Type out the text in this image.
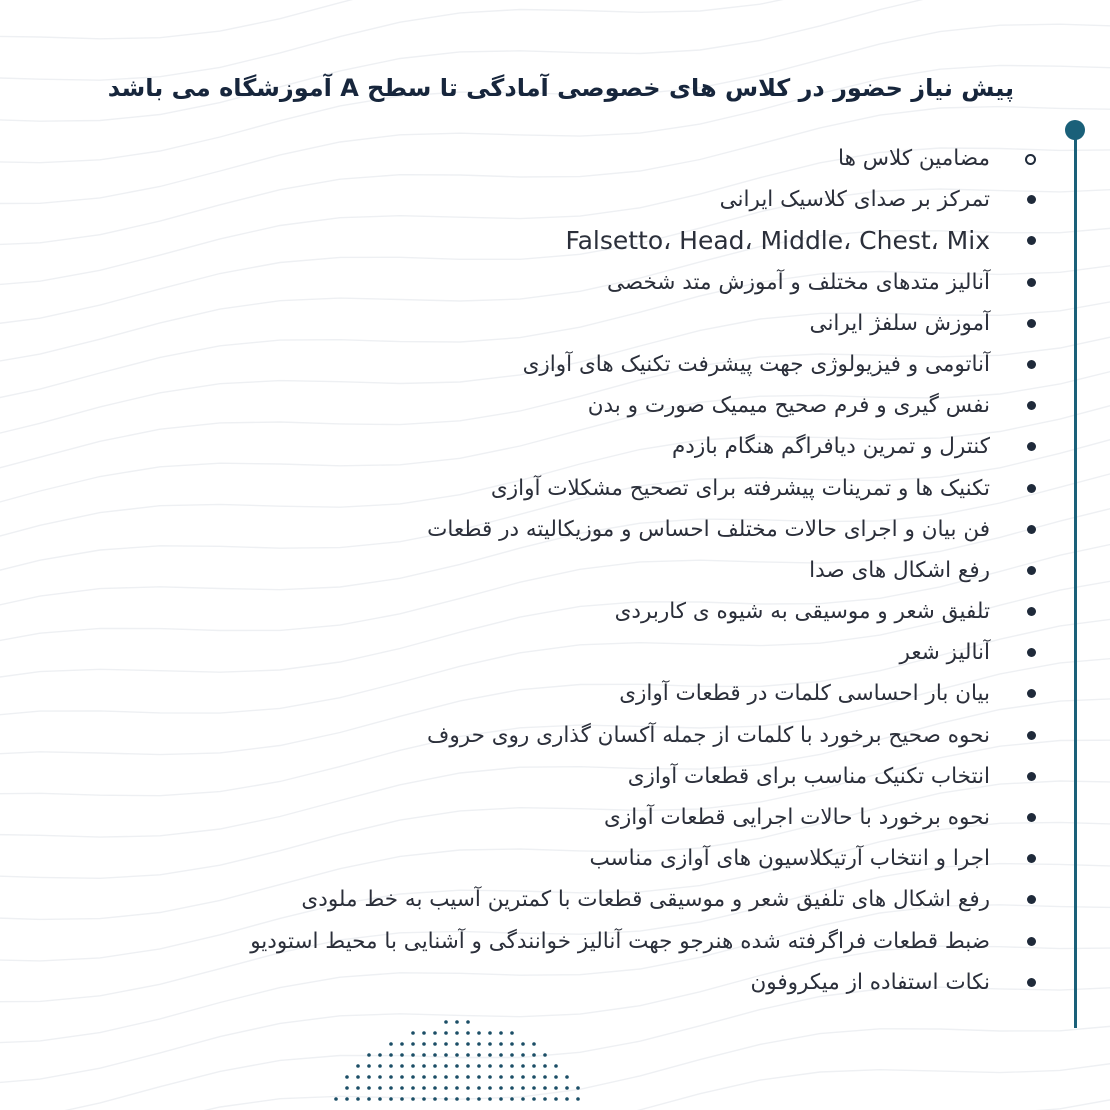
پیش نیاز حضور در کلاس های خصوصی آمادگی تا سطح A آموزشگاه می باشد
مضامین کلاس ها
تمرکز بر صدای کلاسیک ایرانی
Falsetto، Head، Middle، Chest، Mix
آنالیز متدهای مختلف و آموزش متد شخصی
آموزش سلفژ ایرانی
آناتومی و فیزیولوژی جهت پیشرفت تکنیک های آوازی
نفس گیری و فرم صحیح میمیک صورت و بدن
کنترل و تمرین دیافراگم هنگام بازدم
تکنیک ها و تمرینات پیشرفته برای تصحیح مشکلات آوازی
فن بیان و اجرای حالات مختلف احساس و موزیکالیته در قطعات
رفع اشکال های صدا
تلفیق شعر و موسیقی به شیوه ی کاربردی
آنالیز شعر
بیان بار احساسی کلمات در قطعات آوازی
نحوه صحیح برخورد با کلمات از جمله آکسان گذاری روی حروف
انتخاب تکنیک مناسب برای قطعات آوازی
نحوه برخورد با حالات اجرایی قطعات آوازی
اجرا و انتخاب آرتیکلاسیون های آوازی مناسب
رفع اشکال های تلفیق شعر و موسیقی قطعات با کمترین آسیب به خط ملودی
ضبط قطعات فراگرفته شده هنرجو جهت آنالیز خوانندگی و آشنایی با محیط استودیو
نکات استفاده از میکروفون
